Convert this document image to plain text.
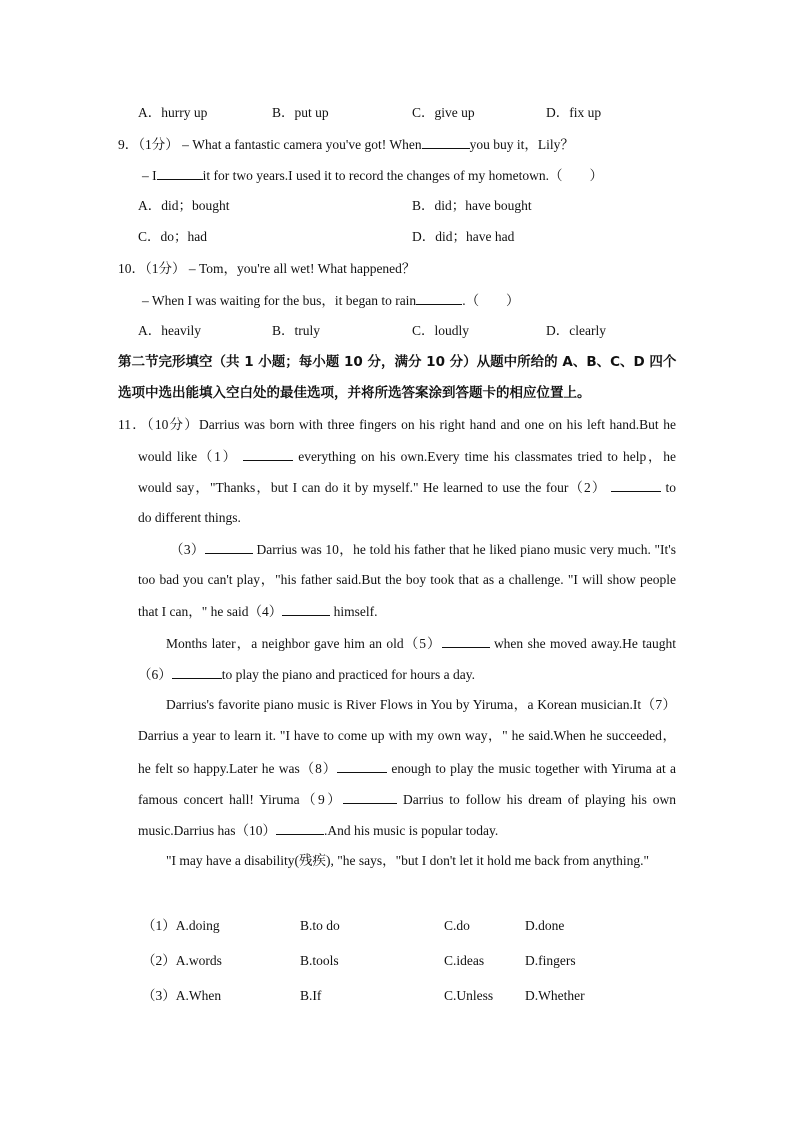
A．hurry up	B．put up	C．give up	D．fix up
9．（1分） – What a fantastic camera you've got! When	you buy it，Lily？
– I	it for two years.I used it to record the changes of my hometown.（　　）
A．did；bought	B．did；have bought
C．do；had	D．did；have had
10．（1分） – Tom，you're all wet! What happened？
– When I was waiting for the bus，it began to rain	.（　　）
A．heavily	B．truly	C．loudly	D．clearly
第二节完形填空（共 1 小题；每小题 10 分，满分 10 分）从题中所给的 A、B、C、D 四个
选项中选出能填入空白处的最佳选项，并将所选答案涂到答题卡的相应位置上。
11．（10分）Darrius was born with three fingers on his right hand and one on his left hand.But he
would like（1）	everything on his own.Every time his classmates tried to help，he
would say，"Thanks，but I can do it by myself." He learned to use the four（2）	to
do different things.
（3）	Darrius was 10，he told his father that he liked piano music very much. "It's
too bad you can't play，"his father said.But the boy took that as a challenge. "I will show people
that I can，" he said（4）	himself.
Months later，a neighbor gave him an old（5）	when she moved away.He taught
（6）	to play the piano and practiced for hours a day.
Darrius's favorite piano music is River Flows in You by Yiruma，a Korean musician.It（7）
Darrius a year to learn it. "I have to come up with my own way，" he said.When he succeeded，
he felt so happy.Later he was（8）	enough to play the music together with Yiruma at a
famous concert hall! Yiruma（9）	Darrius to follow his dream of playing his own
music.Darrius has（10）	.And his music is popular today.
"I may have a disability(残疾), "he says，"but I don't let it hold me back from anything."
（1）A.doing	B.to do	C.do	D.done
（2）A.words	B.tools	C.ideas	D.fingers
（3）A.When	B.If	C.Unless D.Whether
